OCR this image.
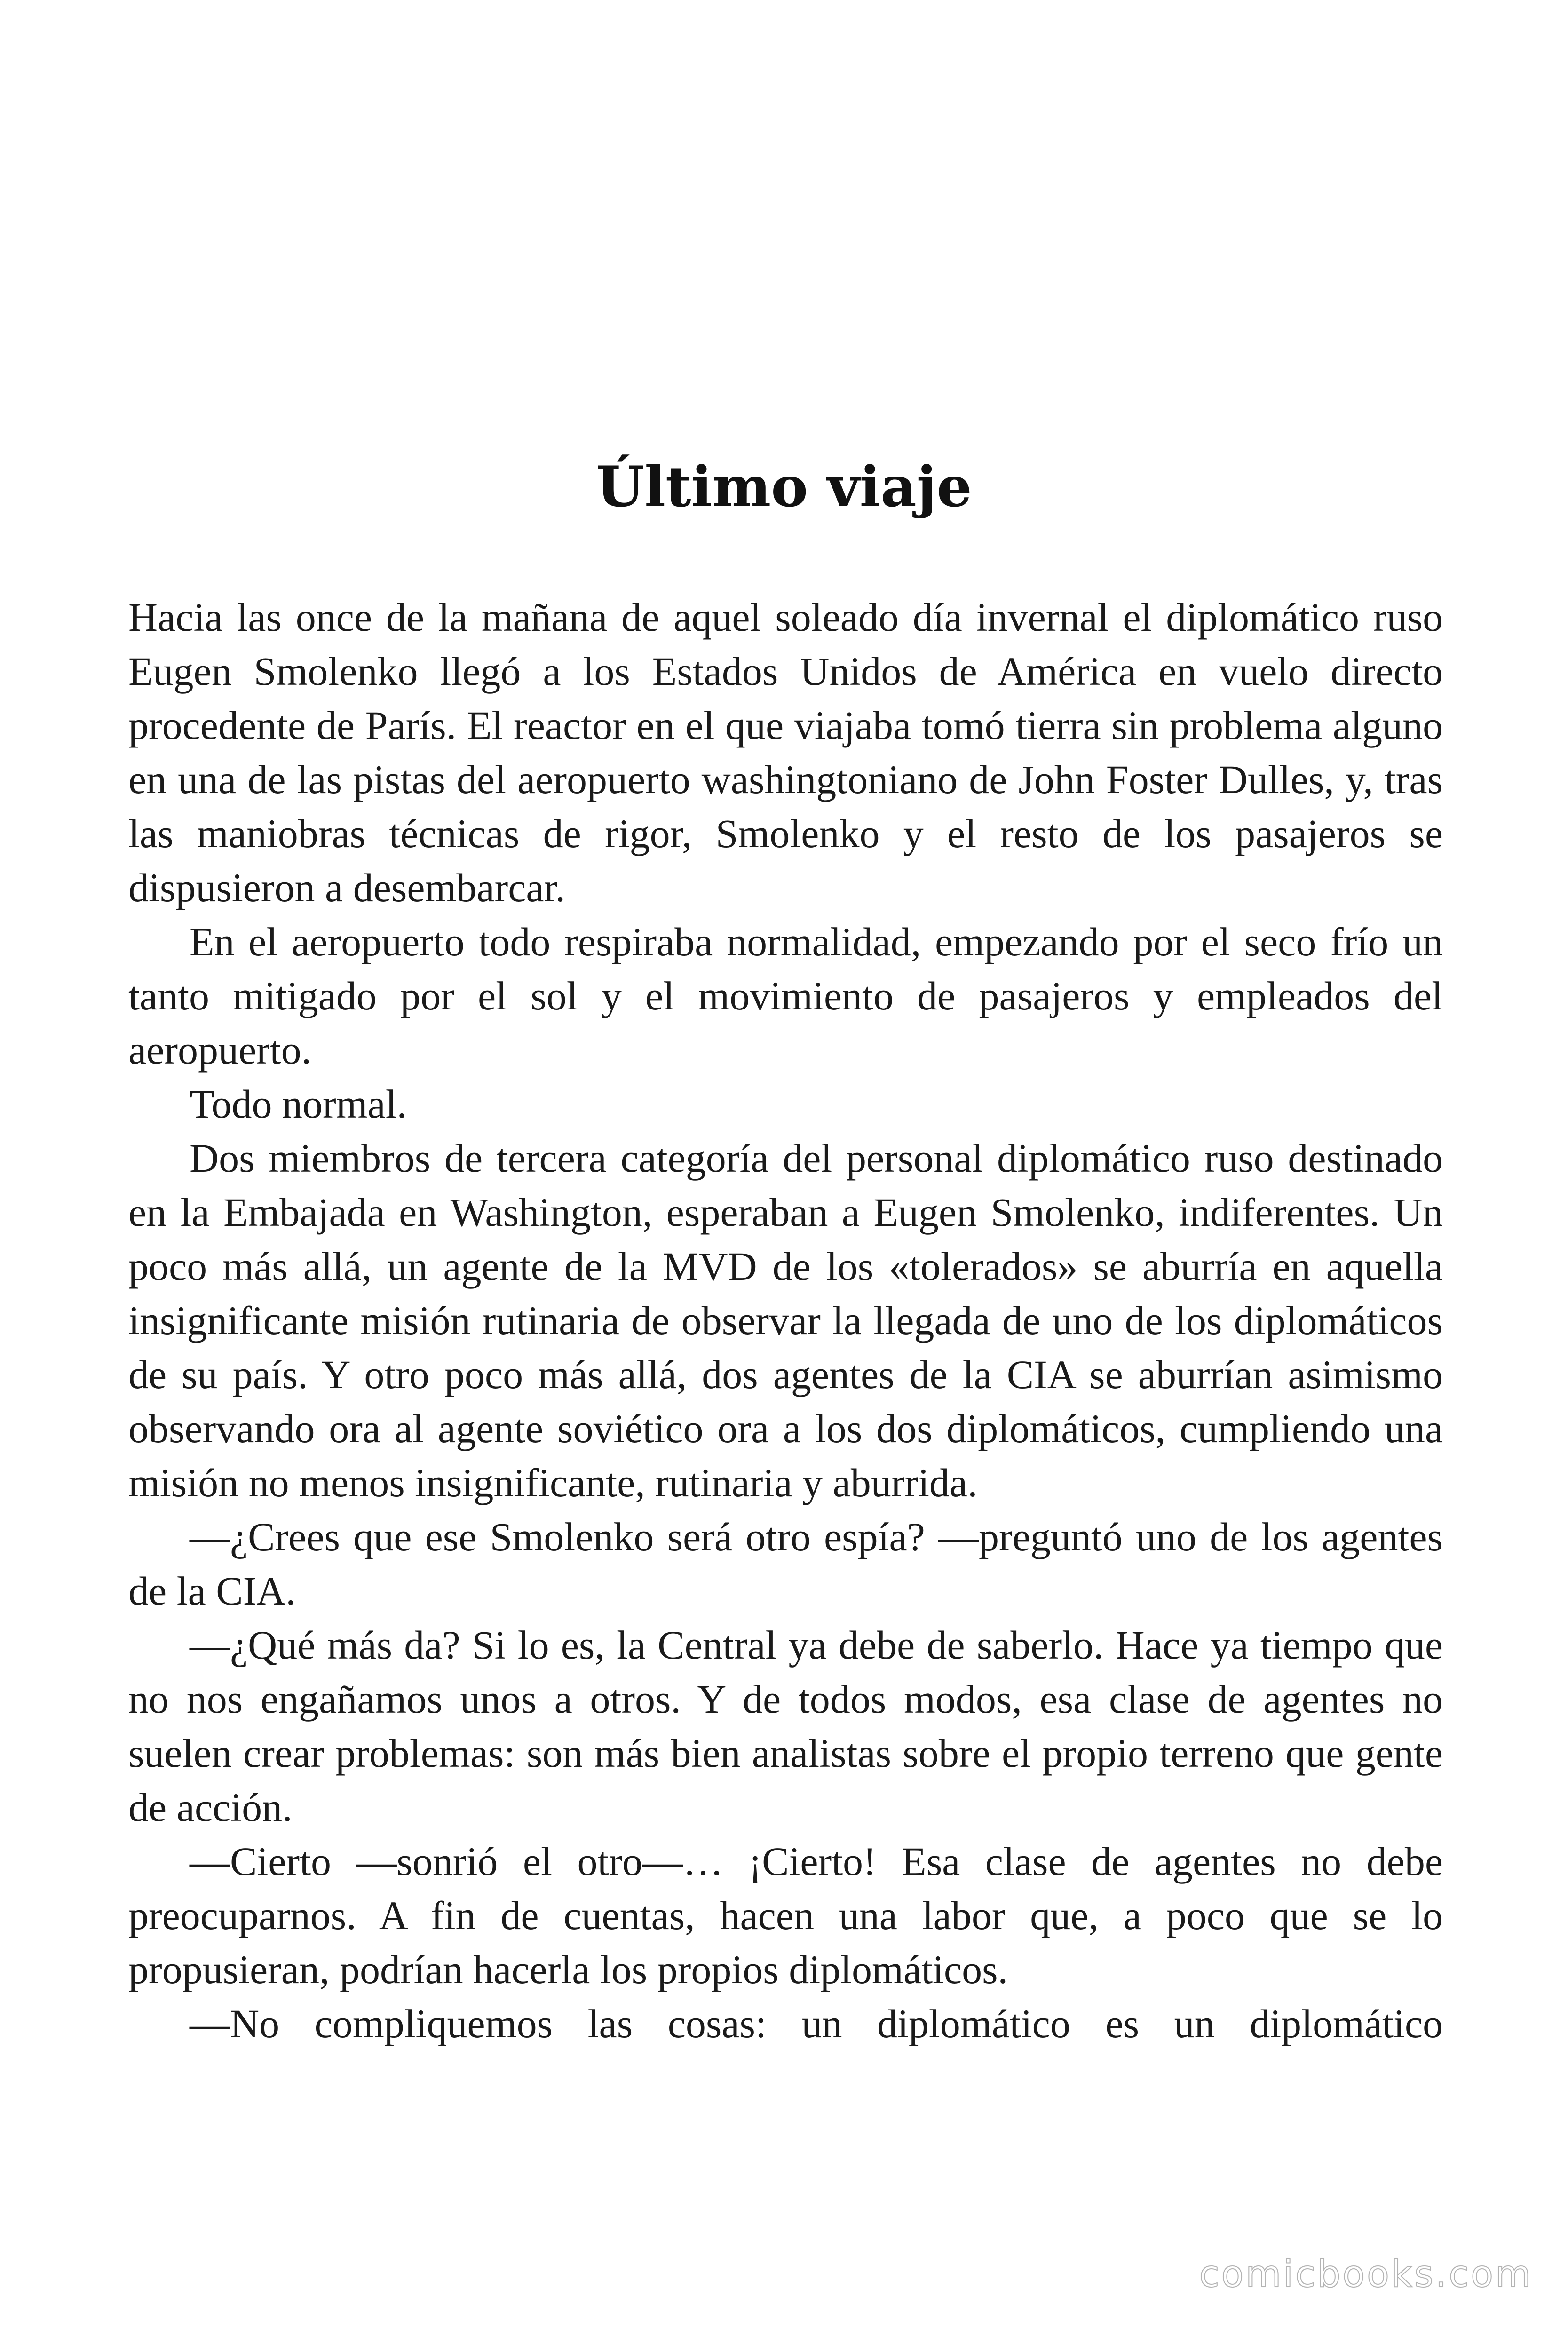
Último viaje

Hacia las once de la mañana de aquel soleado día invernal el diplomático ruso Eugen Smolenko llegó a los Estados Unidos de América en vuelo directo procedente de París. El reactor en el que viajaba tomó tierra sin problema alguno en una de las pistas del aeropuerto washingtoniano de John Foster Dulles, y, tras las maniobras técnicas de rigor, Smolenko y el resto de los pasajeros se dispusieron a desembarcar.

En el aeropuerto todo respiraba normalidad, empezando por el seco frío un tanto mitigado por el sol y el movimiento de pasajeros y empleados del aeropuerto.

Todo normal.

Dos miembros de tercera categoría del personal diplomático ruso destinado en la Embajada en Washington, esperaban a Eugen Smolenko, indiferentes. Un poco más allá, un agente de la MVD de los «tolerados» se aburría en aquella insignificante misión rutinaria de observar la llegada de uno de los diplomáticos de su país. Y otro poco más allá, dos agentes de la CIA se aburrían asimismo observando ora al agente soviético ora a los dos diplomáticos, cumpliendo una misión no menos insignificante, rutinaria y aburrida.

—¿Crees que ese Smolenko será otro espía? —preguntó uno de los agentes de la CIA.

—¿Qué más da? Si lo es, la Central ya debe de saberlo. Hace ya tiempo que no nos engañamos unos a otros. Y de todos modos, esa clase de agentes no suelen crear problemas: son más bien analistas sobre el propio terreno que gente de acción.

—Cierto —sonrió el otro—… ¡Cierto! Esa clase de agentes no debe preocuparnos. A fin de cuentas, hacen una labor que, a poco que se lo propusieran, podrían hacerla los propios diplomáticos.

—No compliquemos las cosas: un diplomático es un diplomático

comicbooks.com
